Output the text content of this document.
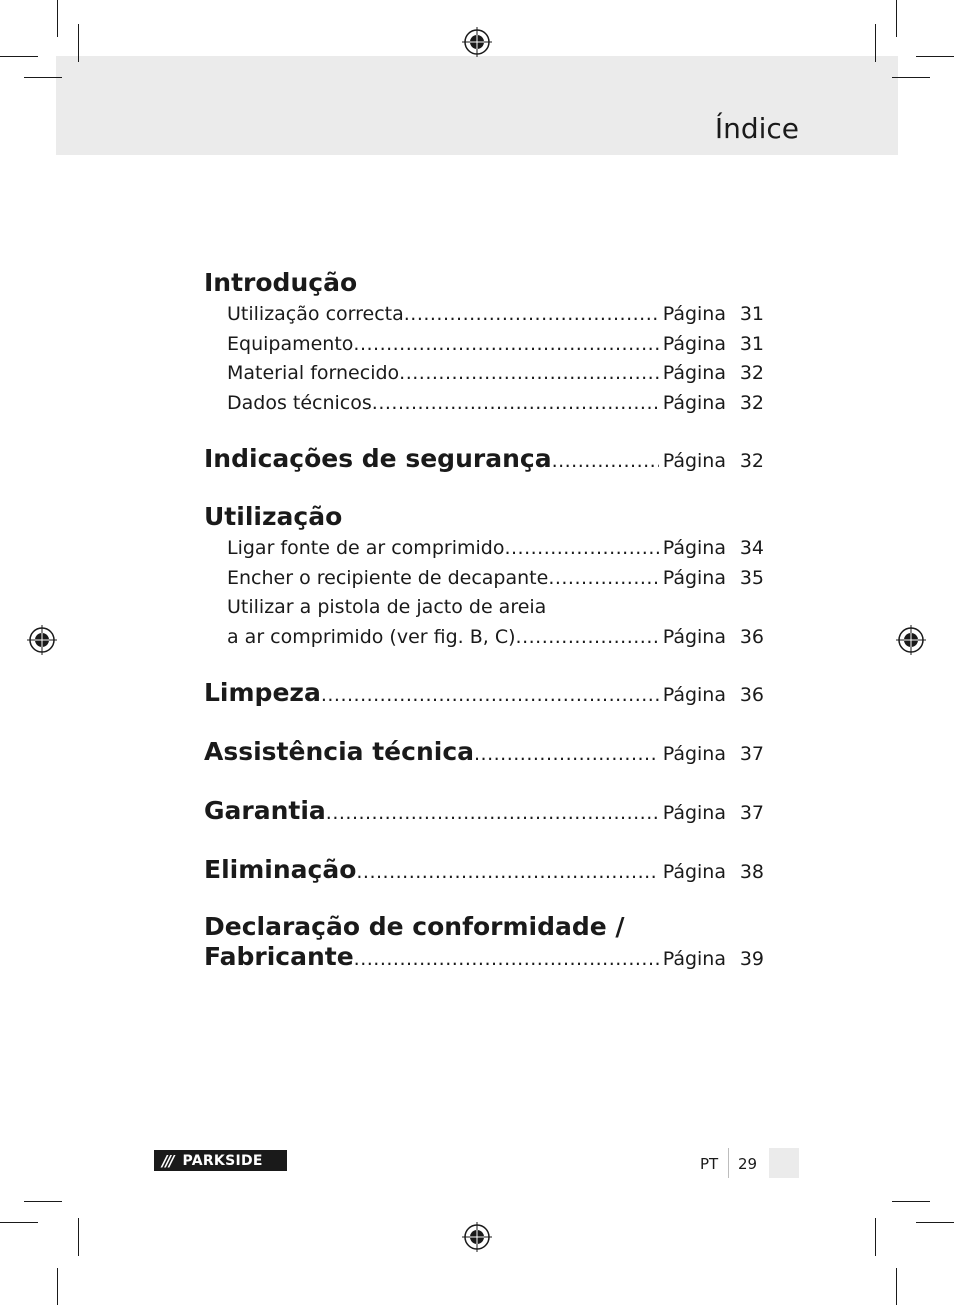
Índice
Introdução
Utilização correcta .....	Página 31
Equipamento .....	Página 31
Material fornecido .....	Página 32
Dados técnicos .....	Página 32
Indicações de segurança .....	Página 32
Utilização
Ligar fonte de ar comprimido .....	Página 34
Encher o recipiente de decapante .....	Página 35
Utilizar a pistola de jacto de areia
a ar comprimido (ver fig. B, C) .....	Página 36
Limpeza .....	Página 36
Assistência técnica .....	Página 37
Garantia .....	Página 37
Eliminação .....	Página 38
Declaração de conformidade /
Fabricante .....	Página 39
/// PARKSIDE	PT 29
